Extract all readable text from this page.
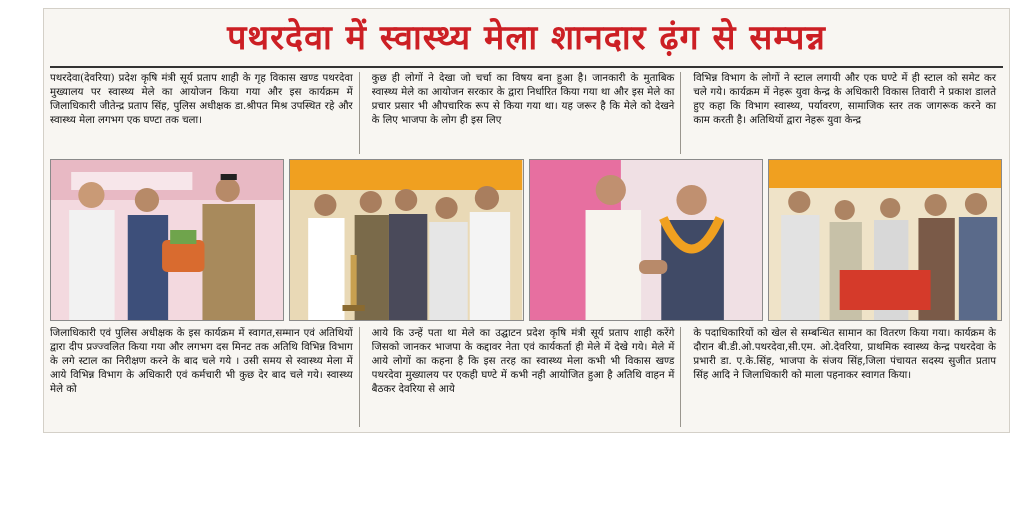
पथरदेवा में स्वास्थ्य मेला शानदार ढ़ंग से सम्पन्न
पथरदेवा(देवरिया) प्रदेश कृषि मंत्री सूर्य प्रताप शाही के गृह विकास खण्ड पथरदेवा मुख्यालय पर स्वास्थ्य मेले का आयोजन किया गया और इस कार्यक्रम में जिलाधिकारी जीतेन्द्र प्रताप सिंह, पुलिस अधीक्षक डा.श्रीपत मिश्र उपस्थित रहे और स्वास्थ्य मेला लगभग एक घण्टा तक चला।
कुछ ही लोगों ने देखा जो चर्चा का विषय बना हुआ है। जानकारी के मुताबिक स्वास्थ्य मेले का आयोजन सरकार के द्वारा निर्धारित किया गया था और इस मेले का प्रचार प्रसार भी औपचारिक रूप से किया गया था। यह जरूर है कि मेले को देखने के लिए भाजपा के लोग ही इस लिए
विभिन्न विभाग के लोगों ने स्टाल लगायी और एक घण्टे में ही स्टाल को समेट कर चले गये। कार्यक्रम में नेहरू युवा केन्द्र के अधिकारी विकास तिवारी ने प्रकाश डालते हुए कहा कि विभाग स्वास्थ्य, पर्यावरण, सामाजिक स्तर तक जागरूक करने का काम करती है। अतिथियों द्वारा नेहरू युवा केन्द्र
जिलाधिकारी एवं पुलिस अधीक्षक के इस कार्यक्रम में स्वागत,सम्मान एवं अतिथियों द्वारा दीप प्रज्ज्वलित किया गया और लगभग दस मिनट तक अतिथि विभिन्न विभाग के लगे स्टाल का निरीक्षण करने के बाद चले गये । उसी समय से स्वास्थ्य मेला में आये विभिन्न विभाग के अधिकारी एवं कर्मचारी भी कुछ देर बाद चले गये। स्वास्थ्य मेले को
आये कि उन्हें पता था मेले का उद्घाटन प्रदेश कृषि मंत्री सूर्य प्रताप शाही करेंगे जिसको जानकर भाजपा के कद्दावर नेता एवं कार्यकर्ता ही मेले में देखे गये। मेले में आये लोगों का कहना है कि इस तरह का स्वास्थ्य मेला कभी भी विकास खण्ड पथरदेवा मुख्यालय पर एकही घण्टे में कभी नही आयोजित हुआ है अतिथि वाहन में बैठकर देवरिया से आये
के पदाधिकारियों को खेल से सम्बन्धित सामान का वितरण किया गया। कार्यक्रम के दौरान बी.डी.ओ.पथरदेवा,सी.एम. ओ.देवरिया, प्राथमिक स्वास्थ्य केन्द्र पथरदेवा के प्रभारी डा. ए.के.सिंह, भाजपा के संजय सिंह,जिला पंचायत सदस्य सुजीत प्रताप सिंह आदि ने जिलाधिकारी को माला पहनाकर स्वागत किया।
